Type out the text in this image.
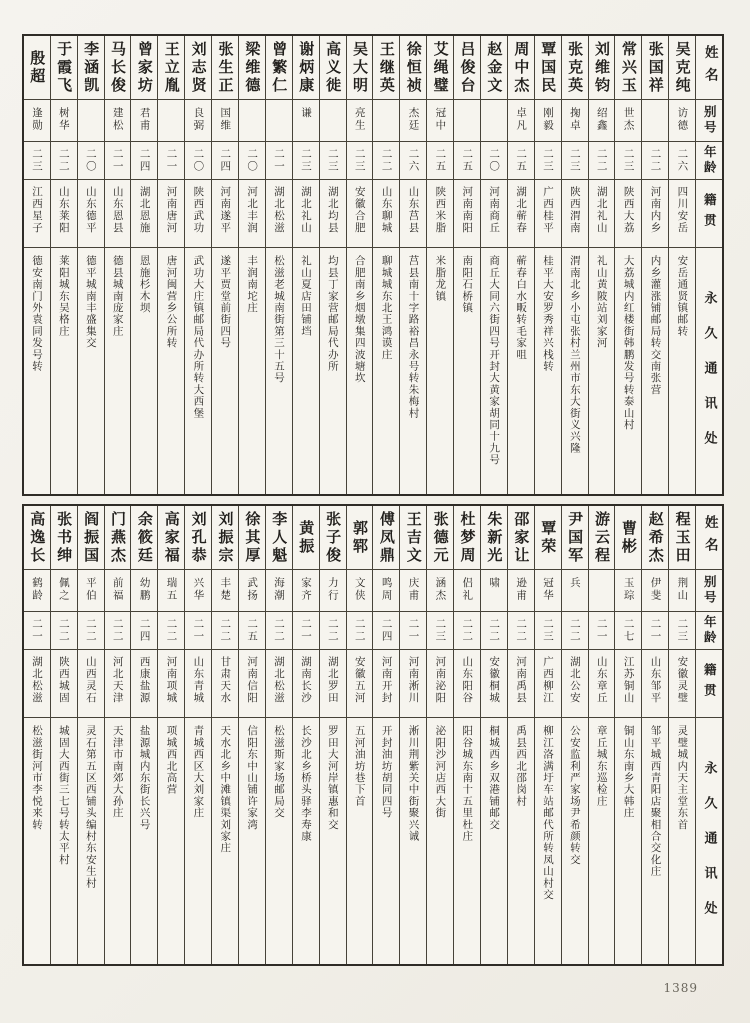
姓名
别号
年龄
籍贯
永久通讯处
吴克纯
访德
二六
四川安岳
安岳通贤镇邮转
张国祥
二二
河南内乡
内乡灌涨铺邮局转交南张营
常兴玉
世杰
二三
陕西大荔
大荔城内红楼街韩鹏发号转泰山村
刘维钧
绍鑫
二二
湖北礼山
礼山黄陂站刘家河
张克英
掬卓
二三
陕西渭南
渭南北乡小屯张村兰州市东大街义兴隆
覃国民
刚毅
二三
广西桂平
桂平大安罗秀祥兴栈转
周中杰
卓凡
二五
湖北蕲春
蕲春白水畈转毛家咀
赵金文
二〇
河南商丘
商丘大同六街四号开封大黄家胡同十九号
吕俊台
二五
河南南阳
南阳石桥镇
艾绳璧
冠中
二五
陕西米脂
米脂龙镇
徐恒祯
杰廷
二六
山东莒县
莒县南十字路裕昌永号转朱梅村
王继英
二二
山东聊城
聊城城东北王鸿谟庄
吴大明
亮生
二三
安徽合肥
合肥南乡烟墩集四波塘坎
高义徙
二三
湖北均县
均县丁家营邮局代办所
谢炳康
谦
二三
湖北礼山
礼山夏店田铺垱
曾繁仁
二一
湖北松滋
松滋老城南街第三十五号
梁维德
二〇
河北丰润
丰润南坨庄
张生正
国维
二四
河南遂平
遂平贾堂前街四号
刘志贤
良弼
二〇
陕西武功
武功大庄镇邮局代办所转大西堡
王立胤
二一
河南唐河
唐河闽营乡公所转
曾家坊
君甫
二四
湖北恩施
恩施杉木坝
马长俊
建松
二一
山东恩县
德县城南庞家庄
李涵凯
二〇
山东德平
德平城南丰盛集交
于霞飞
树华
二二
山东莱阳
莱阳城东吴格庄
殷超
逢勋
二三
江西星子
德安南门外袁同发号转
姓名
别号
年龄
籍贯
永久通讯处
程玉田
荆山
二三
安徽灵璧
灵璧城内天主堂东首
赵希杰
伊斐
二一
山东邹平
邹平城西青阳店聚相合交化庄
曹彬
玉琮
二七
江苏铜山
铜山东南乡大韩庄
游云程
二一
山东章丘
章丘城东巡检庄
尹国军
兵
二二
湖北公安
公安监利严家场尹希颜转交
覃荣
冠华
二三
广西柳江
柳江洛满圩车站邮代所转凤山村交
邵家让
逊甫
二二
河南禹县
禹县西北邵岗村
朱新光
啸
二二
安徽桐城
桐城西乡双港铺邮交
杜梦周
侣礼
二二
山东阳谷
阳谷城东南十五里杜庄
张德元
涵杰
二三
河南泌阳
泌阳沙河店西大街
王吉文
庆甫
二一
河南淅川
淅川荆紫关中街聚兴诚
傅凤鼎
鸣周
二四
河南开封
开封油坊胡同四号
郭郓
文侠
二二
安徽五河
五河油坊巷下首
张子俊
力行
二二
湖北罗田
罗田大河岸镇惠和交
黄振
家齐
二一
湖南长沙
长沙北乡桥头驿李寿康
李人魁
海潮
二二
湖北松滋
松滋斯家场邮局交
徐其厚
武扬
二五
河南信阳
信阳东中山铺许家湾
刘振宗
丰楚
二二
甘肃天水
天水北乡中滩镇渠刘家庄
刘孔恭
兴华
二一
山东青城
青城西区大刘家庄
高家福
瑞五
二二
河南项城
项城西北高营
余筱廷
幼鹏
二四
西康盐源
盐源城内东街长兴号
门燕杰
前福
二二
河北天津
天津市南郊大孙庄
阎振国
平伯
二二
山西灵石
灵石第五区西铺头编村东安生村
张书绅
佩之
二二
陕西城固
城固大西街三七号转太平村
高逸长
鹤龄
二一
湖北松滋
松滋街河市李悦来转
1389
